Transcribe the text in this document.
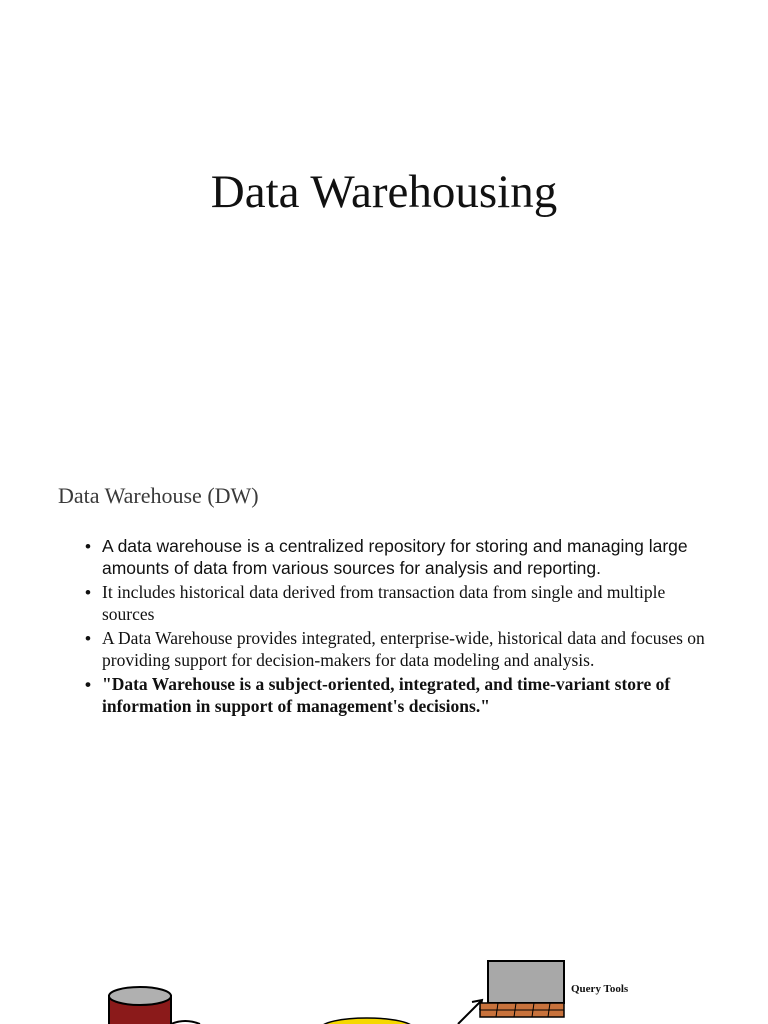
Data Warehousing
Data Warehouse (DW)
• A data warehouse is a centralized repository for storing and managing large amounts of data from various sources for analysis and reporting.
• It includes historical data derived from transaction data from single and multiple sources
• A Data Warehouse provides integrated, enterprise-wide, historical data and focuses on providing support for decision-makers for data modeling and analysis.
• "Data Warehouse is a subject-oriented, integrated, and time-variant store of information in support of management's decisions."
Query Tools
